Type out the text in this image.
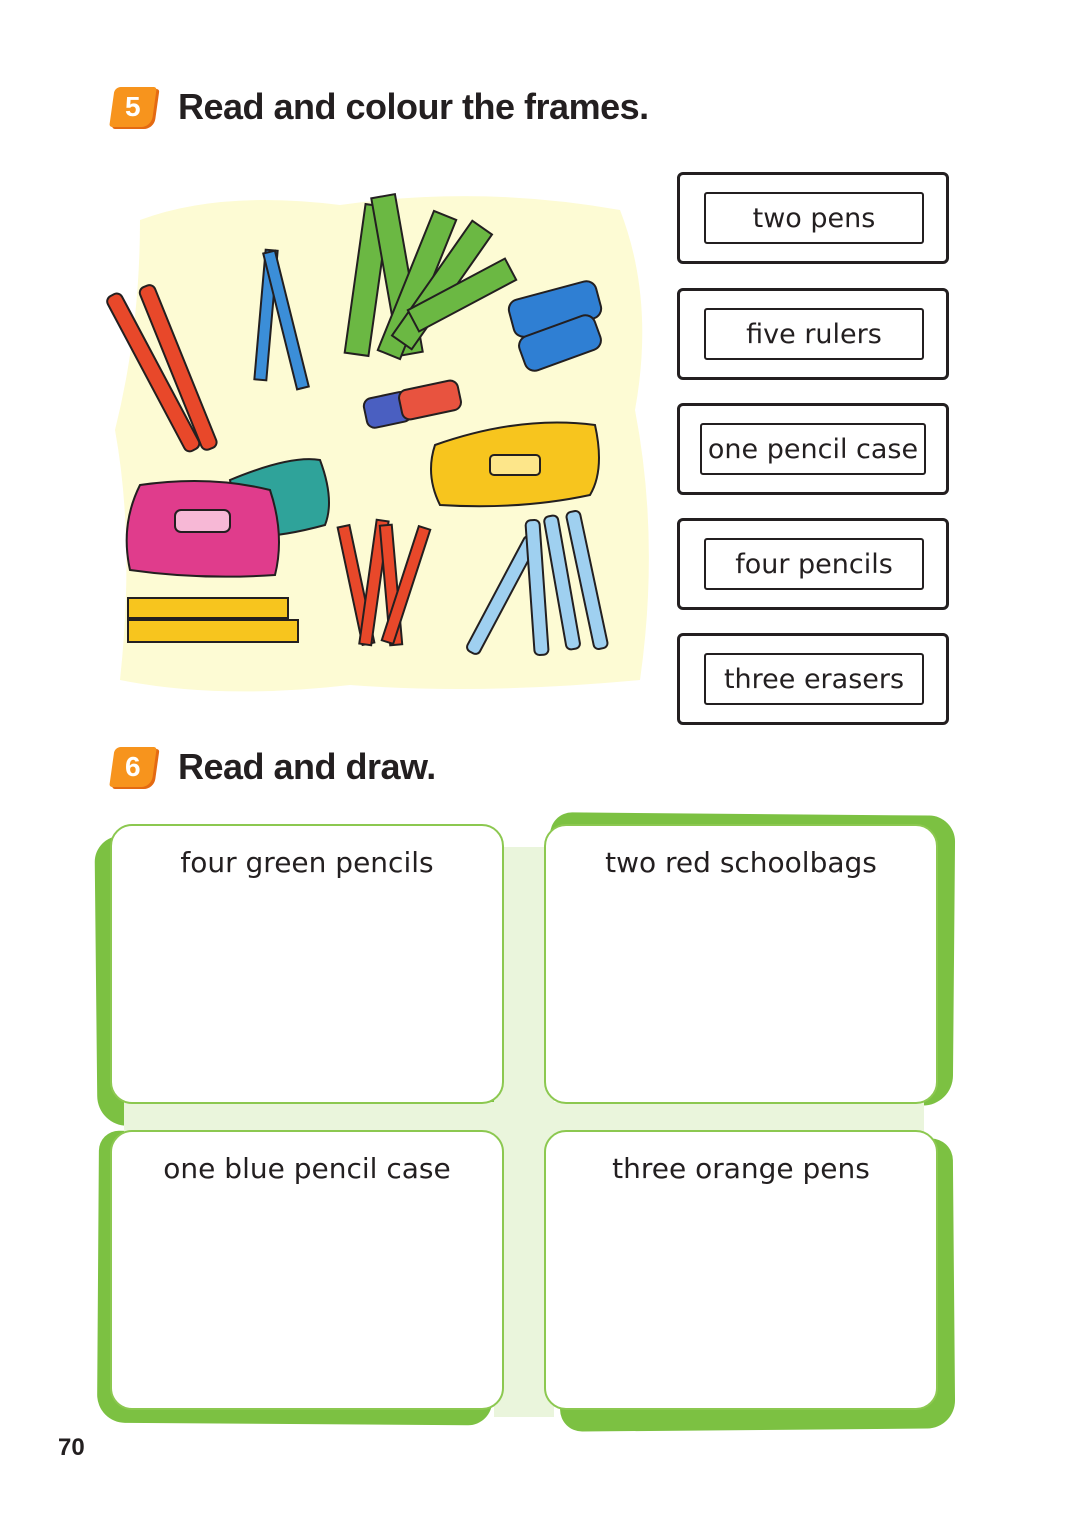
5 Read and colour the frames.
two pens
five rulers
one pencil case
four pencils
three erasers
6 Read and draw.
four green pencils	two red schoolbags
one blue pencil case	three orange pens
70
